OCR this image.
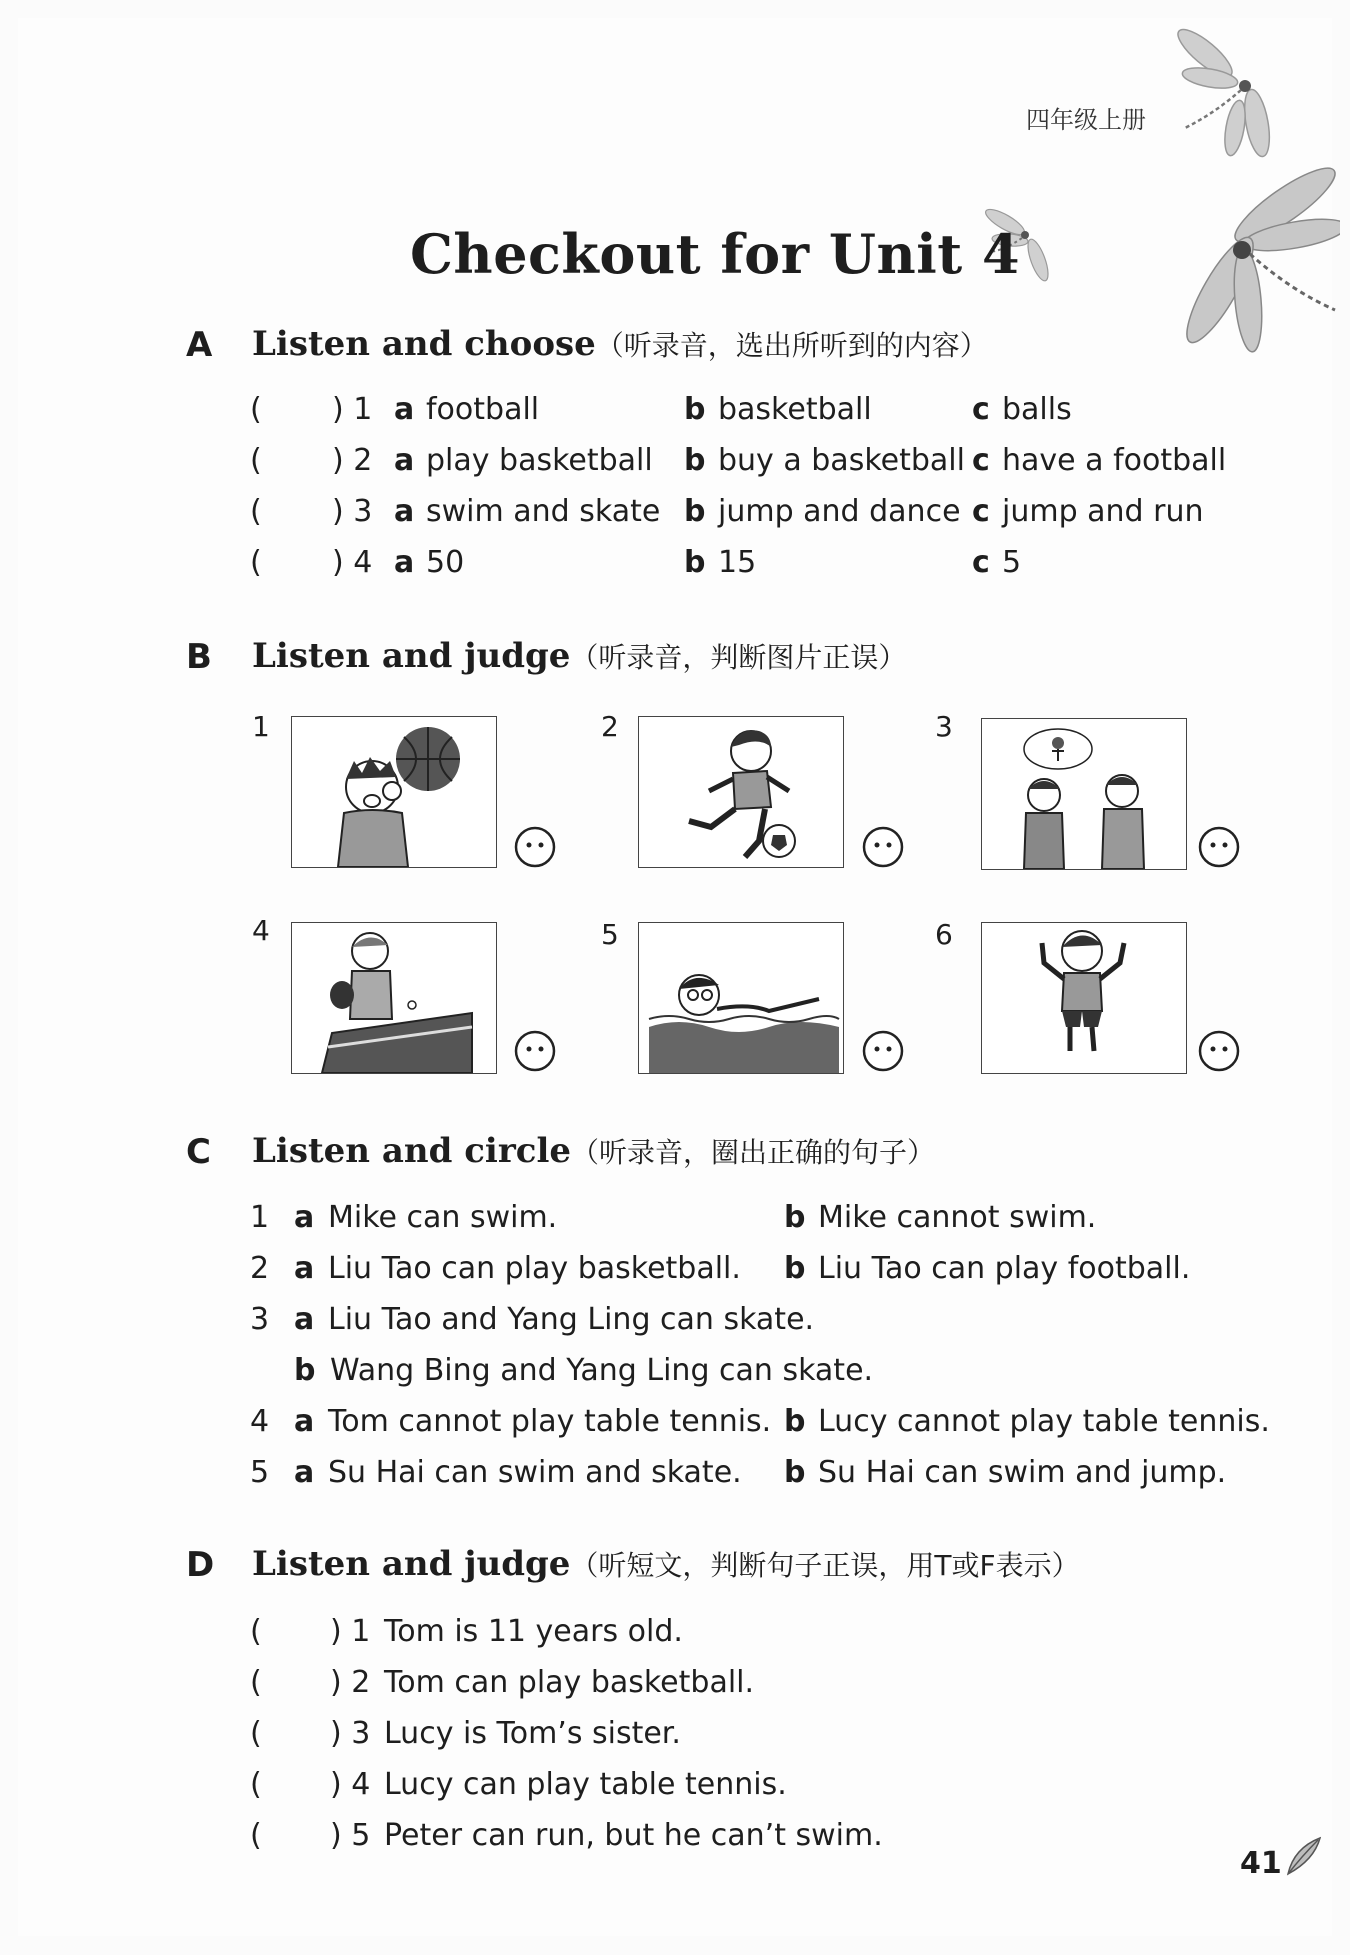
四年级上册
Checkout for Unit 4
A Listen and choose（听录音，选出所听到的内容）
( ) 1 a football	b basketball	c balls
( ) 2 a play basketball b buy a basketball c have a football
( ) 3 a swim and skate b jump and dance c jump and run
( ) 4 a 50	b 15	c 5
B Listen and judge（听录音，判断图片正误）
1	2	3
4	5	6
C Listen and circle（听录音，圈出正确的句子）
1 a Mike can swim.	b Mike cannot swim.
2 a Liu Tao can play basketball. b Liu Tao can play football.
3 a Liu Tao and Yang Ling can skate.
b Wang Bing and Yang Ling can skate.
4 a Tom cannot play table tennis. b Lucy cannot play table tennis.
5 a Su Hai can swim and skate. b Su Hai can swim and jump.
D Listen and judge（听短文，判断句子正误，用T或F表示）
( ) 1 Tom is 11 years old.
( ) 2 Tom can play basketball.
( ) 3 Lucy is Tom’s sister.
( ) 4 Lucy can play table tennis.
( ) 5 Peter can run, but he can’t swim.
41
